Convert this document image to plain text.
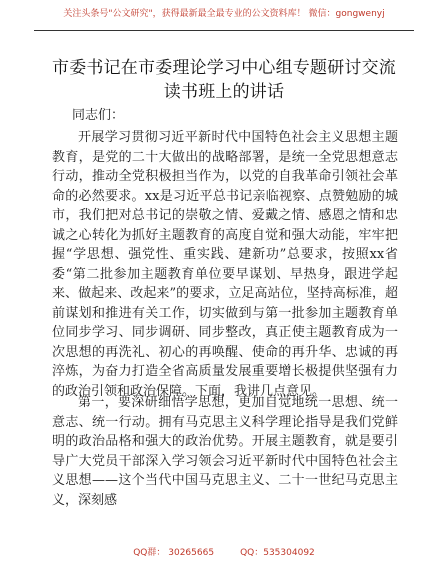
关注头条号"公文研究"，获得最新最全最专业的公文资料库！ 微信：gongwenyj
市委书记在市委理论学习中心组专题研讨交流
读书班上的讲话
同志们：

开展学习贯彻习近平新时代中国特色社会主义思想主题教育，是党的二十大做出的战略部署，是统一全党思想意志行动，推动全党积极担当作为，以党的自我革命引领社会革命的必然要求。xx是习近平总书记亲临视察、点赞勉励的城市，我们把对总书记的崇敬之情、爱戴之情、感恩之情和忠诚之心转化为抓好主题教育的高度自觉和强大动能，牢牢把握“学思想、强党性、重实践、建新功”总要求，按照xx省委“第二批参加主题教育单位要早谋划、早热身，跟进学起来、做起来、改起来”的要求，立足高站位，坚持高标准，超前谋划和推进有关工作，切实做到与第一批参加主题教育单位同步学习、同步调研、同步整改，真正使主题教育成为一次思想的再洗礼、初心的再唤醒、使命的再升华、忠诚的再淬炼，为奋力打造全省高质量发展重要增长极提供坚强有力的政治引领和政治保障。下面，我讲几点意见。

第一，要深研细悟学思想，更加自觉地统一思想、统一意志、统一行动。拥有马克思主义科学理论指导是我们党鲜明的政治品格和强大的政治优势。开展主题教育，就是要引导广大党员干部深入学习领会习近平新时代中国特色社会主义思想——这个当代中国马克思主义、二十一世纪马克思主义，深刻感

QQ群： 30265665	QQ：535304092
